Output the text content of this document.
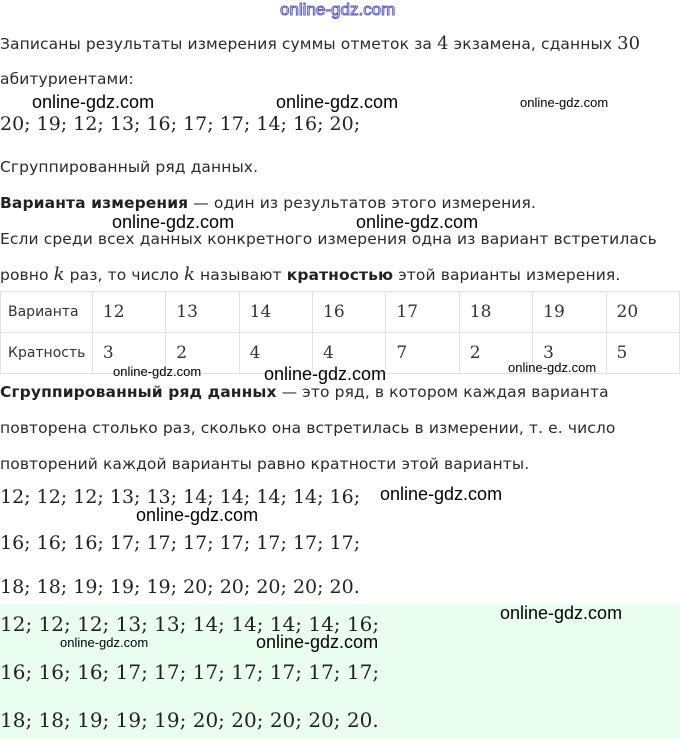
online-gdz.com
Записаны результаты измерения суммы отметок за 4 экзамена, сданных 30
абитуриентами:
online-gdz.com	online-gdz.com	online-gdz.com
20; 19; 12; 13; 16; 17; 17; 14; 16; 20;
Сгруппированный ряд данных.
Варианта измерения — один из результатов этого измерения.
online-gdz.com	online-gdz.com
Если среди всех данных конкретного измерения одна из вариант встретилась
ровно k раз, то число k называют кратностью этой варианты измерения.
Варианта	12	13	14	16	17	18	19	20
Кратность	3	2	4	4	7	2	3	5
online-gdz.com	online-gdz.com
online-gdz.com
Сгруппированный ряд данных — это ряд, в котором каждая варианта
повторена столько раз, сколько она встретилась в измерении, т. е. число
повторений каждой варианты равно кратности этой варианты.
12; 12; 12; 13; 13; 14; 14; 14; 14; 16; online-gdz.com
online-gdz.com
16; 16; 16; 17; 17; 17; 17; 17; 17; 17;
18; 18; 19; 19; 19; 20; 20; 20; 20; 20.
online-gdz.com
12; 12; 12; 13; 13; 14; 14; 14; 14; 16;
online-gdz.com	online-gdz.com
16; 16; 16; 17; 17; 17; 17; 17; 17; 17;
18; 18; 19; 19; 19; 20; 20; 20; 20; 20.
